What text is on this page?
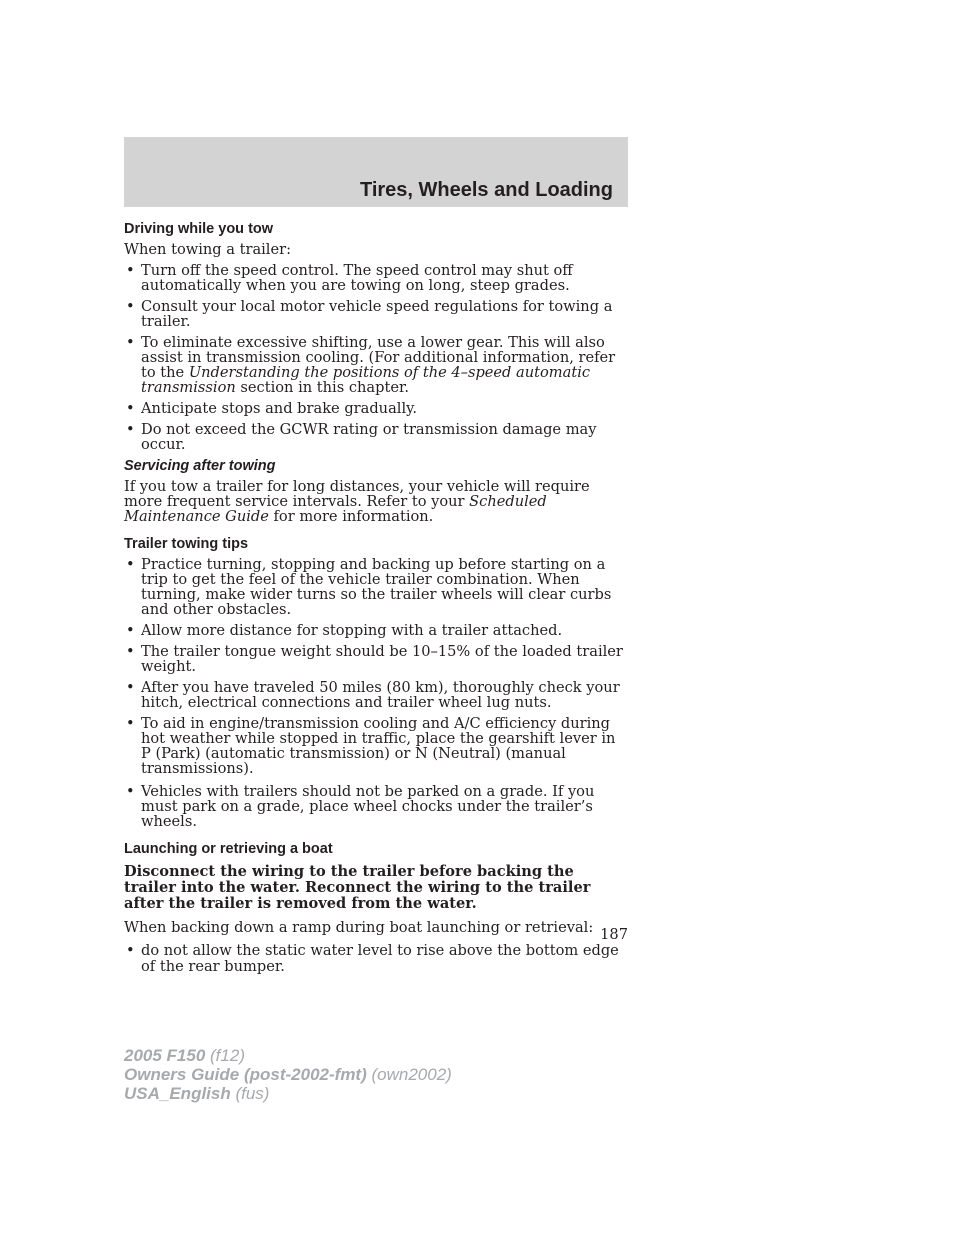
Tires, Wheels and Loading
Driving while you tow

When towing a trailer:

• Turn off the speed control. The speed control may shut off automatically when you are towing on long, steep grades.
• Consult your local motor vehicle speed regulations for towing a trailer.
• To eliminate excessive shifting, use a lower gear. This will also assist in transmission cooling. (For additional information, refer to the Understanding the positions of the 4–speed automatic transmission section in this chapter.
• Anticipate stops and brake gradually.
• Do not exceed the GCWR rating or transmission damage may occur.
Servicing after towing

If you tow a trailer for long distances, your vehicle will require more frequent service intervals. Refer to your Scheduled Maintenance Guide for more information.

Trailer towing tips
• Practice turning, stopping and backing up before starting on a trip to get the feel of the vehicle trailer combination. When turning, make wider turns so the trailer wheels will clear curbs and other obstacles.
• Allow more distance for stopping with a trailer attached.
• The trailer tongue weight should be 10–15% of the loaded trailer weight.
• After you have traveled 50 miles (80 km), thoroughly check your hitch, electrical connections and trailer wheel lug nuts.
• To aid in engine/transmission cooling and A/C efficiency during hot weather while stopped in traffic, place the gearshift lever in P (Park) (automatic transmission) or N (Neutral) (manual transmissions).
• Vehicles with trailers should not be parked on a grade. If you must park on a grade, place wheel chocks under the trailer’s wheels.
Launching or retrieving a boat

Disconnect the wiring to the trailer before backing the trailer into the water. Reconnect the wiring to the trailer after the trailer is removed from the water.

When backing down a ramp during boat launching or retrieval:

• do not allow the static water level to rise above the bottom edge of the rear bumper.
187
2005 F150 (f12)
Owners Guide (post-2002-fmt) (own2002)
USA_English (fus)
